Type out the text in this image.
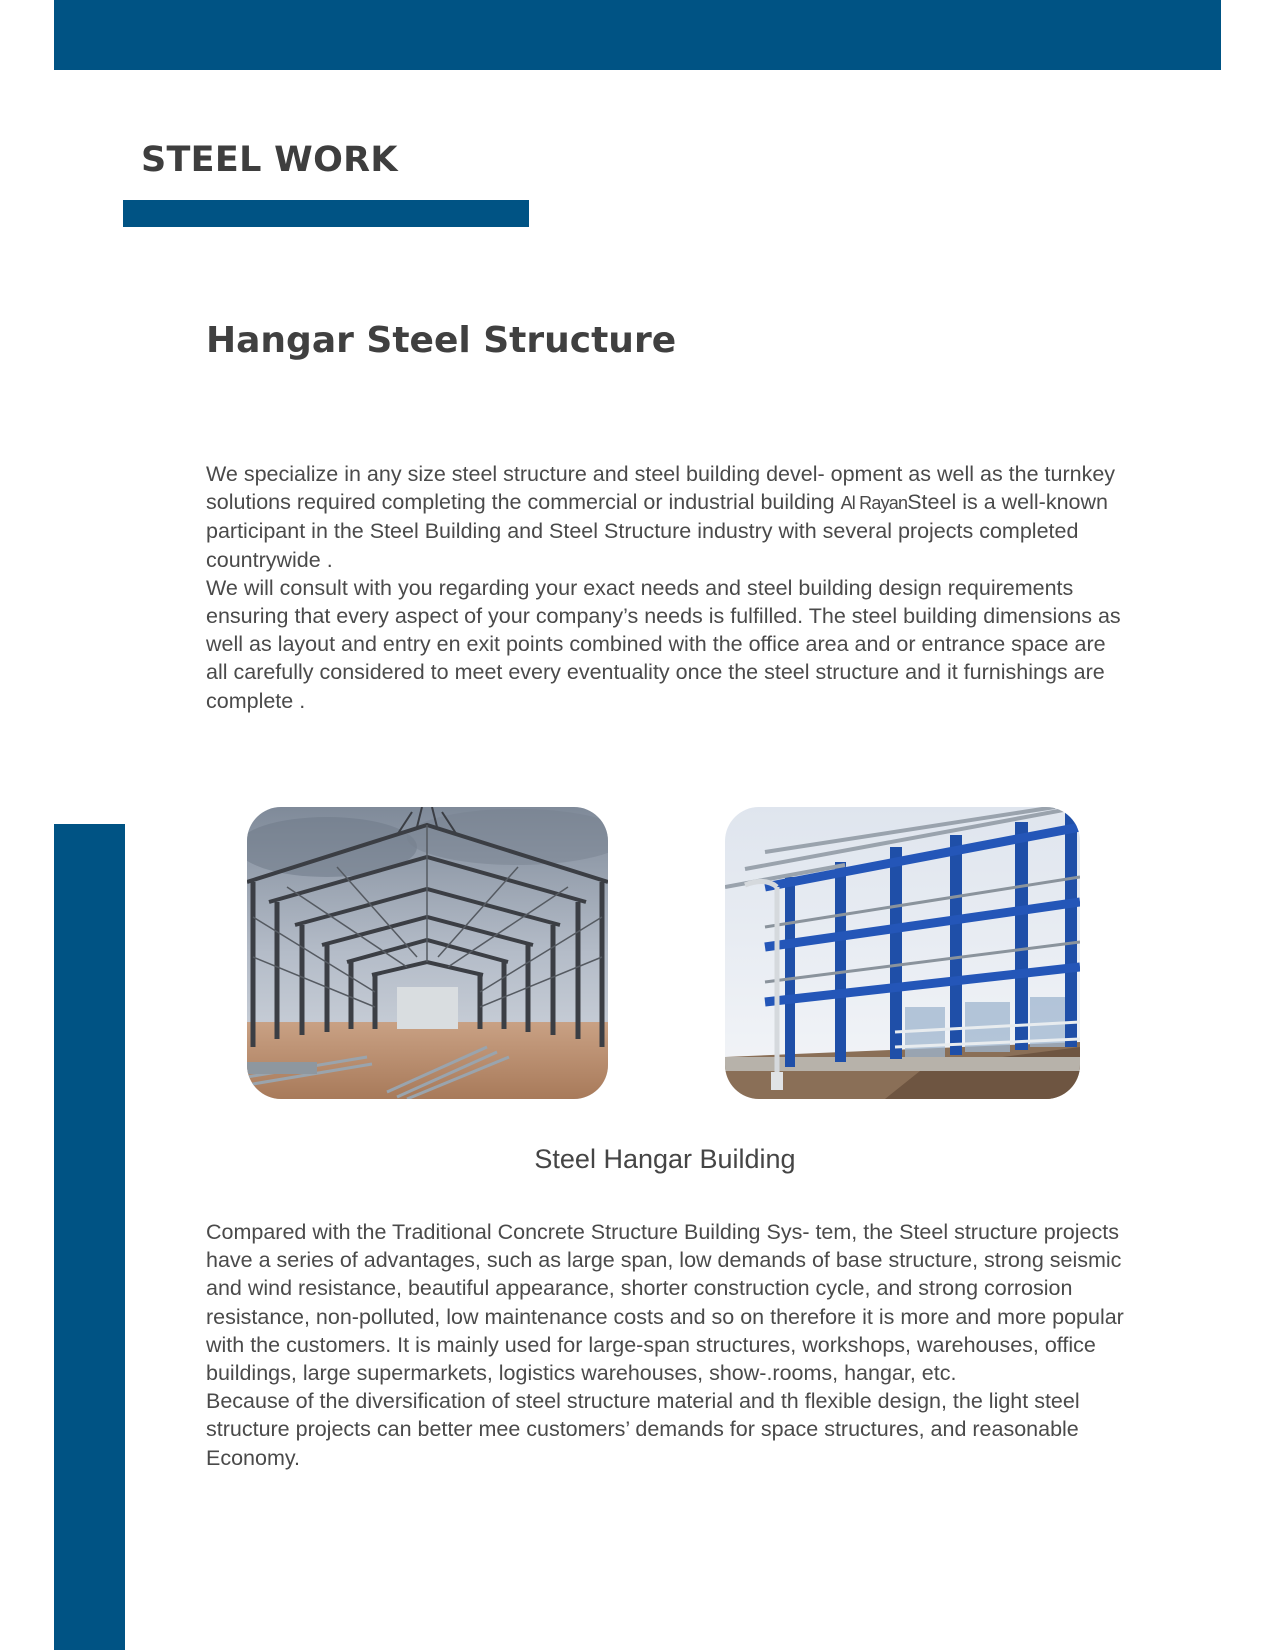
STEEL WORK
Hangar Steel Structure

We specialize in any size steel structure and steel building devel- opment as well as the turnkey solutions required completing the commercial or industrial building Al RayanSteel is a well-known participant in the Steel Building and Steel Structure industry with several projects completed countrywide .

We will consult with you regarding your exact needs and steel building design requirements ensuring that every aspect of your company’s needs is fulfilled. The steel building dimensions as well as layout and entry en exit points combined with the office area and or entrance space are all carefully considered to meet every eventuality once the steel structure and it furnishings are complete .

Steel Hangar Building

Compared with the Traditional Concrete Structure Building Sys- tem, the Steel structure projects have a series of advantages, such as large span, low demands of base structure, strong seismic and wind resistance, beautiful appearance, shorter construction cycle, and strong corrosion resistance, non-polluted, low maintenance costs and so on therefore it is more and more popular with the customers. It is mainly used for large-span structures, workshops, warehouses, office buildings, large supermarkets, logistics warehouses, show-.rooms, hangar, etc.

Because of the diversification of steel structure material and th flexible design, the light steel structure projects can better mee customers’ demands for space structures, and reasonable Economy.
